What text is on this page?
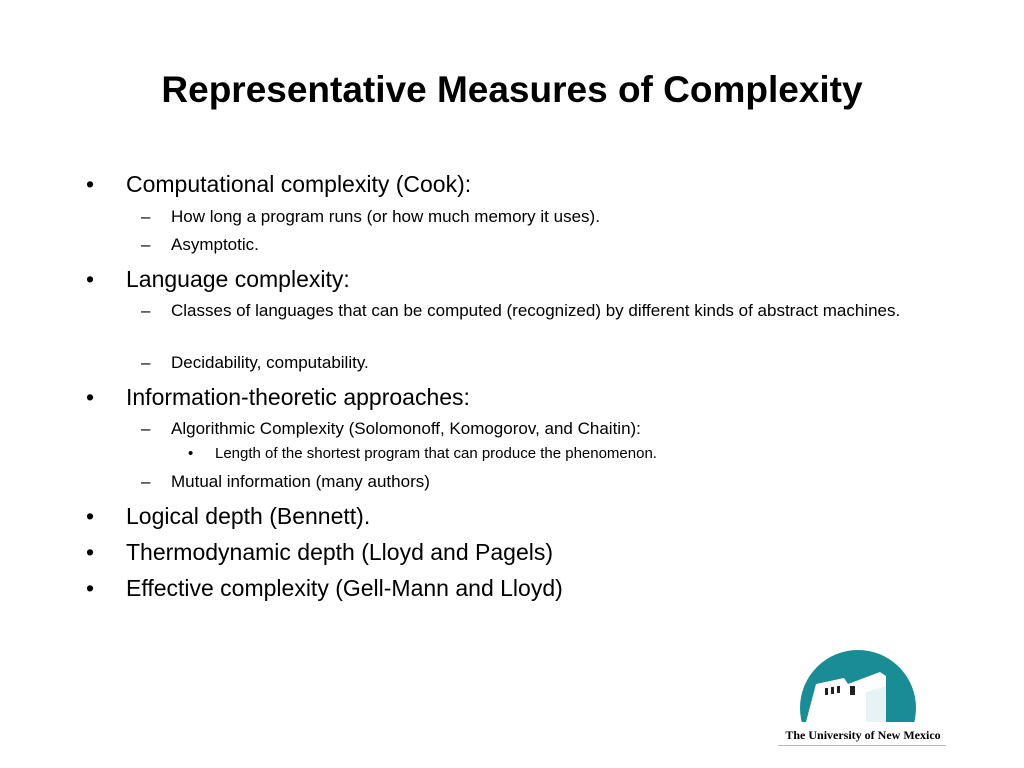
Representative Measures of Complexity
• Computational complexity (Cook):
– How long a program runs (or how much memory it uses).
– Asymptotic.
• Language complexity:
– Classes of languages that can be computed (recognized) by different kinds of abstract machines.
– Decidability, computability.
• Information-theoretic approaches:
– Algorithmic Complexity (Solomonoff, Komogorov, and Chaitin):
• Length of the shortest program that can produce the phenomenon.
– Mutual information (many authors)
• Logical depth (Bennett).
• Thermodynamic depth (Lloyd and Pagels)
• Effective complexity (Gell-Mann and Lloyd)
The University of New Mexico
